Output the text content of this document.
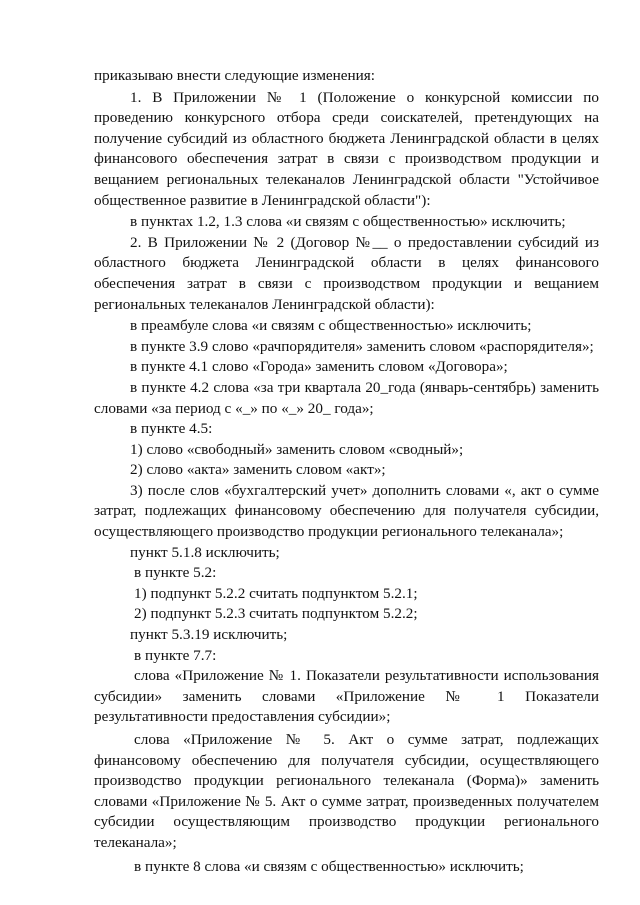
приказываю внести следующие изменения:

1. В Приложении № 1 (Положение о конкурсной комиссии по проведению конкурсного отбора среди соискателей, претендующих на получение субсидий из областного бюджета Ленинградской области в целях финансового обеспечения затрат в связи с производством продукции и вещанием региональных телеканалов Ленинградской области "Устойчивое общественное развитие в Ленинградской области"):

в пунктах 1.2, 1.3 слова «и связям с общественностью» исключить;

2. В Приложении № 2 (Договор №__ о предоставлении субсидий из областного бюджета Ленинградской области в целях финансового обеспечения затрат в связи с производством продукции и вещанием региональных телеканалов Ленинградской области):

в преамбуле слова «и связям с общественностью» исключить;

в пункте 3.9 слово «рачпорядителя» заменить словом «распорядителя»;

в пункте 4.1 слово «Города» заменить словом «Договора»;

в пункте 4.2 слова «за три квартала 20_года (январь-сентябрь) заменить словами «за период с «_» по «_» 20_ года»;

в пункте 4.5:

1) слово «свободный» заменить словом «сводный»;

2) слово «акта» заменить словом «акт»;

3) после слов «бухгалтерский учет» дополнить словами «, акт о сумме затрат, подлежащих финансовому обеспечению для получателя субсидии, осуществляющего производство продукции регионального телеканала»;

пункт 5.1.8 исключить;

в пункте 5.2:

1) подпункт 5.2.2 считать подпунктом 5.2.1;

2) подпункт 5.2.3 считать подпунктом 5.2.2;

пункт 5.3.19 исключить;

в пункте 7.7:

слова «Приложение № 1. Показатели результативности использования субсидии» заменить словами «Приложение № 1 Показатели результативности предоставления субсидии»;

слова «Приложение № 5. Акт о сумме затрат, подлежащих финансовому обеспечению для получателя субсидии, осуществляющего производство продукции регионального телеканала (Форма)» заменить словами «Приложение № 5. Акт о сумме затрат, произведенных получателем субсидии осуществляющим производство продукции регионального телеканала»;

в пункте 8 слова «и связям с общественностью» исключить;
